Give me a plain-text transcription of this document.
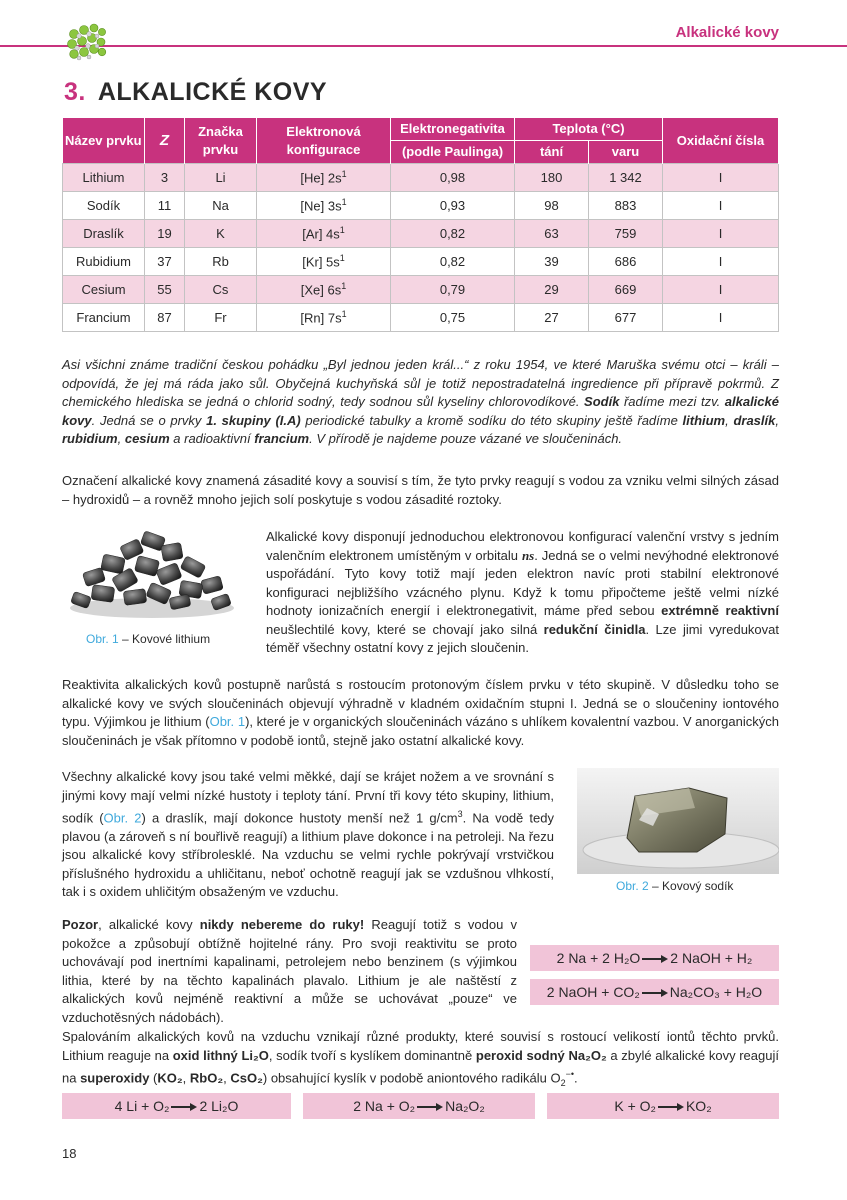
Alkalické kovy
3. ALKALICKÉ KOVY
Název prvku	Z	Značka prvku	Elektronová konfigurace	Elektronegativita	Teplota (°C)		Oxidační čísla
				(podle Paulinga)	tání	varu	
Lithium	3	Li	[He] $2s^1$	0,98	180	1 342	I
Sodík	11	Na	[Ne] $3s^1$	0,93	98	883	I
Draslík	19	K	[Ar] $4s^1$	0,82	63	759	I
Rubidium	37	Rb	[Kr] $5s^1$	0,82	39	686	I
Cesium	55	Cs	[Xe] $6s^1$	0,79	29	669	I
Francium	87	Fr	[Rn] $7s^1$	0,75	27	677	I
Asi všichni známe tradiční českou pohádku „Byl jednou jeden král...“ z roku 1954, ve které Maruška svému otci – králi – odpovídá, že jej má ráda jako sůl. Obyčejná kuchyňská sůl je totiž nepostradatelná ingredience při přípravě pokrmů. Z chemického hlediska se jedná o chlorid sodný, tedy sodnou sůl kyseliny chlorovodíkové. Sodík řadíme mezi tzv. alkalické kovy. Jedná se o prvky 1. skupiny (I.A) periodické tabulky a kromě sodíku do této skupiny ještě řadíme lithium, draslík, rubidium, cesium a radioaktivní francium. V přírodě je najdeme pouze vázané ve sloučeninách.
Označení alkalické kovy znamená zásadité kovy a souvisí s tím, že tyto prvky reagují s vodou za vzniku velmi silných zásad – hydroxidů – a rovněž mnoho jejich solí poskytuje s vodou zásadité roztoky.
Obr. 1 – Kovové lithium
Alkalické kovy disponují jednoduchou elektronovou konfigurací valenční vrstvy s jedním valenčním elektronem umístěným v orbitalu ns. Jedná se o velmi nevýhodné elektronové uspořádání. Tyto kovy totiž mají jeden elektron navíc proti stabilní elektronové konfiguraci nejbližšího vzácného plynu. Když k tomu připočteme ještě velmi nízké hodnoty ionizačních energií i elektronegativit, máme před sebou extrémně reaktivní neušlechtilé kovy, které se chovají jako silná redukční činidla. Lze jimi vyredukovat téměř všechny ostatní kovy z jejich sloučenin.
Reaktivita alkalických kovů postupně narůstá s rostoucím protonovým číslem prvku v této skupině. V důsledku toho se alkalické kovy ve svých sloučeninách objevují výhradně v kladném oxidačním stupni I. Jedná se o sloučeniny iontového typu. Výjimkou je lithium (Obr. 1), které je v organických sloučeninách vázáno s uhlíkem kovalentní vazbou. V anorganických sloučeninách je však přítomno v podobě iontů, stejně jako ostatní alkalické kovy.
Všechny alkalické kovy jsou také velmi měkké, dají se krájet nožem a ve srovnání s jinými kovy mají velmi nízké hustoty i teploty tání. První tři kovy této skupiny, lithium, sodík (Obr. 2) a draslík, mají dokonce hustoty menší než 1 $g/cm^3$. Na vodě tedy plavou (a zároveň s ní bouřlivě reagují) a lithium plave dokonce i na petroleji. Na řezu jsou alkalické kovy stříbrolesklé. Na vzduchu se velmi rychle pokrývají vrstvičkou příslušného hydroxidu a uhličitanu, neboť ochotně reagují jak se vzdušnou vlhkostí, tak i s oxidem uhličitým obsaženým ve vzduchu.	Obr. 2 – Kovový sodík
Pozor, alkalické kovy nikdy nebereme do ruky! Reagují totiž s vodou v pokožce a způsobují obtížně hojitelné rány. Pro svoji reaktivitu se proto uchovávají pod inertními kapalinami, petrolejem nebo benzinem (s výjimkou lithia, které by na těchto kapalinách plavalo. Lithium je ale naštěstí z alkalických kovů nejméně reaktivní a může se uchovávat „pouze“ ve vzduchotěsných nádobách).
2 Na + 2 H₂O 2 NaOH + H₂
2 NaOH + CO₂ Na₂CO₃ + H₂O
Spalováním alkalických kovů na vzduchu vznikají různé produkty, které souvisí s rostoucí velikostí iontů těchto prvků. Lithium reaguje na oxid lithný Li₂O, sodík tvoří s kyslíkem dominantně peroxid sodný Na₂O₂ a zbylé alkalické kovy reagují na superoxidy (KO₂, RbO₂, CsO₂) obsahující kyslík v podobě aniontového radikálu $O_2^{-•}$.
4 Li + O₂ 2 Li₂O	2 Na + O₂ Na₂O₂	K + O₂ KO₂
18
